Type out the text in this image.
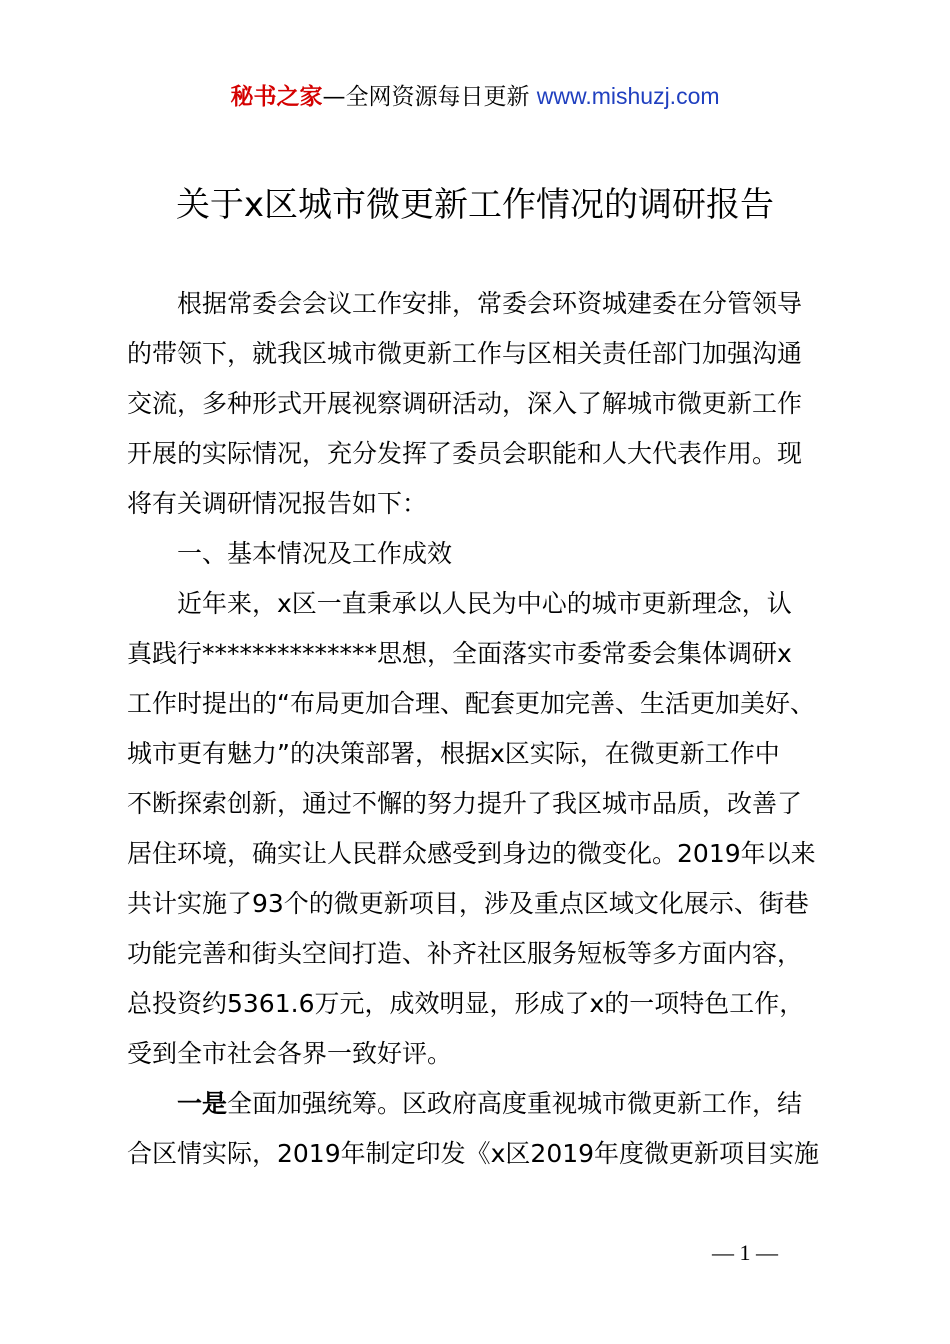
秘书之家—全网资源每日更新 www.mishuzj.com
关于x区城市微更新工作情况的调研报告
根据常委会会议工作安排，常委会环资城建委在分管领导
的带领下，就我区城市微更新工作与区相关责任部门加强沟通
交流，多种形式开展视察调研活动，深入了解城市微更新工作
开展的实际情况，充分发挥了委员会职能和人大代表作用。现
将有关调研情况报告如下：
一、基本情况及工作成效
近年来，x区一直秉承以人民为中心的城市更新理念，认
真践行**************思想，全面落实市委常委会集体调研x
工作时提出的“布局更加合理、配套更加完善、生活更加美好、
城市更有魅力”的决策部署，根据x区实际，在微更新工作中
不断探索创新，通过不懈的努力提升了我区城市品质，改善了
居住环境，确实让人民群众感受到身边的微变化。2019年以来
共计实施了93个的微更新项目，涉及重点区域文化展示、街巷
功能完善和街头空间打造、补齐社区服务短板等多方面内容，
总投资约5361.6万元，成效明显，形成了x的一项特色工作，
受到全市社会各界一致好评。
一是全面加强统筹。区政府高度重视城市微更新工作，结
合区情实际，2019年制定印发《x区2019年度微更新项目实施
— 1 —
